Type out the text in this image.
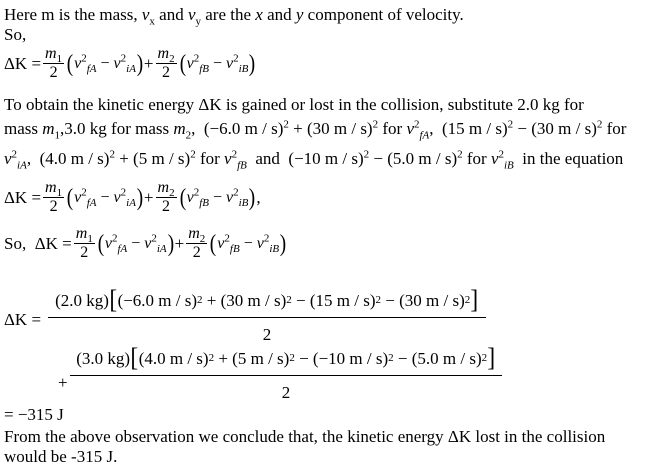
Here m is the mass, $v_x$ and $v_y$ are the x and y component of velocity.
So,
$\Delta K = \frac{m_1}{2}$ ( $v^2_{fA} - v^2_{iA}$ ) + $\frac{m_2}{2}$ ( $v^2_{fB} - v^2_{iB}$ )
To obtain the kinetic energy ΔK is gained or lost in the collision, substitute 2.0 kg for
mass $m_1,3.0$ kg for mass $m_2$,  (−6.0 m / s)$^2$ + (30 m / s)$^2$ for $v^2_{fA}$,  (15 m / s)$^2$ − (30 m / s)$^2$ for
$v^2_{iA}$,  (4.0 m / s)$^2$ + (5 m / s)$^2$ for $v^2_{fB}$  and  (−10 m / s)$^2$ − (5.0 m / s)$^2$ for $v^2_{iB}$  in the equation
$\Delta K = \frac{m_1}{2}$ ( $v^2_{fA} - v^2_{iA}$ ) + $\frac{m_2}{2}$ ( $v^2_{fB} - v^2_{iB}$ ) ,
So,  $\Delta K = \frac{m_1}{2}$ ( $v^2_{fA} - v^2_{iA}$ ) + $\frac{m_2}{2}$ ( $v^2_{fB} - v^2_{iB}$ )
ΔK =
(2.0 kg) [ (−6.0 m / s) 2 + (30 m / s) 2 − (15 m / s) 2 − (30 m / s) 2 ]
2
+
(3.0 kg) [ (4.0 m / s) 2 + (5 m / s) 2 − (−10 m / s) 2 − (5.0 m / s) 2 ]
2
= −315 J
From the above observation we conclude that, the kinetic energy ΔK lost in the collision
would be -315 J.
